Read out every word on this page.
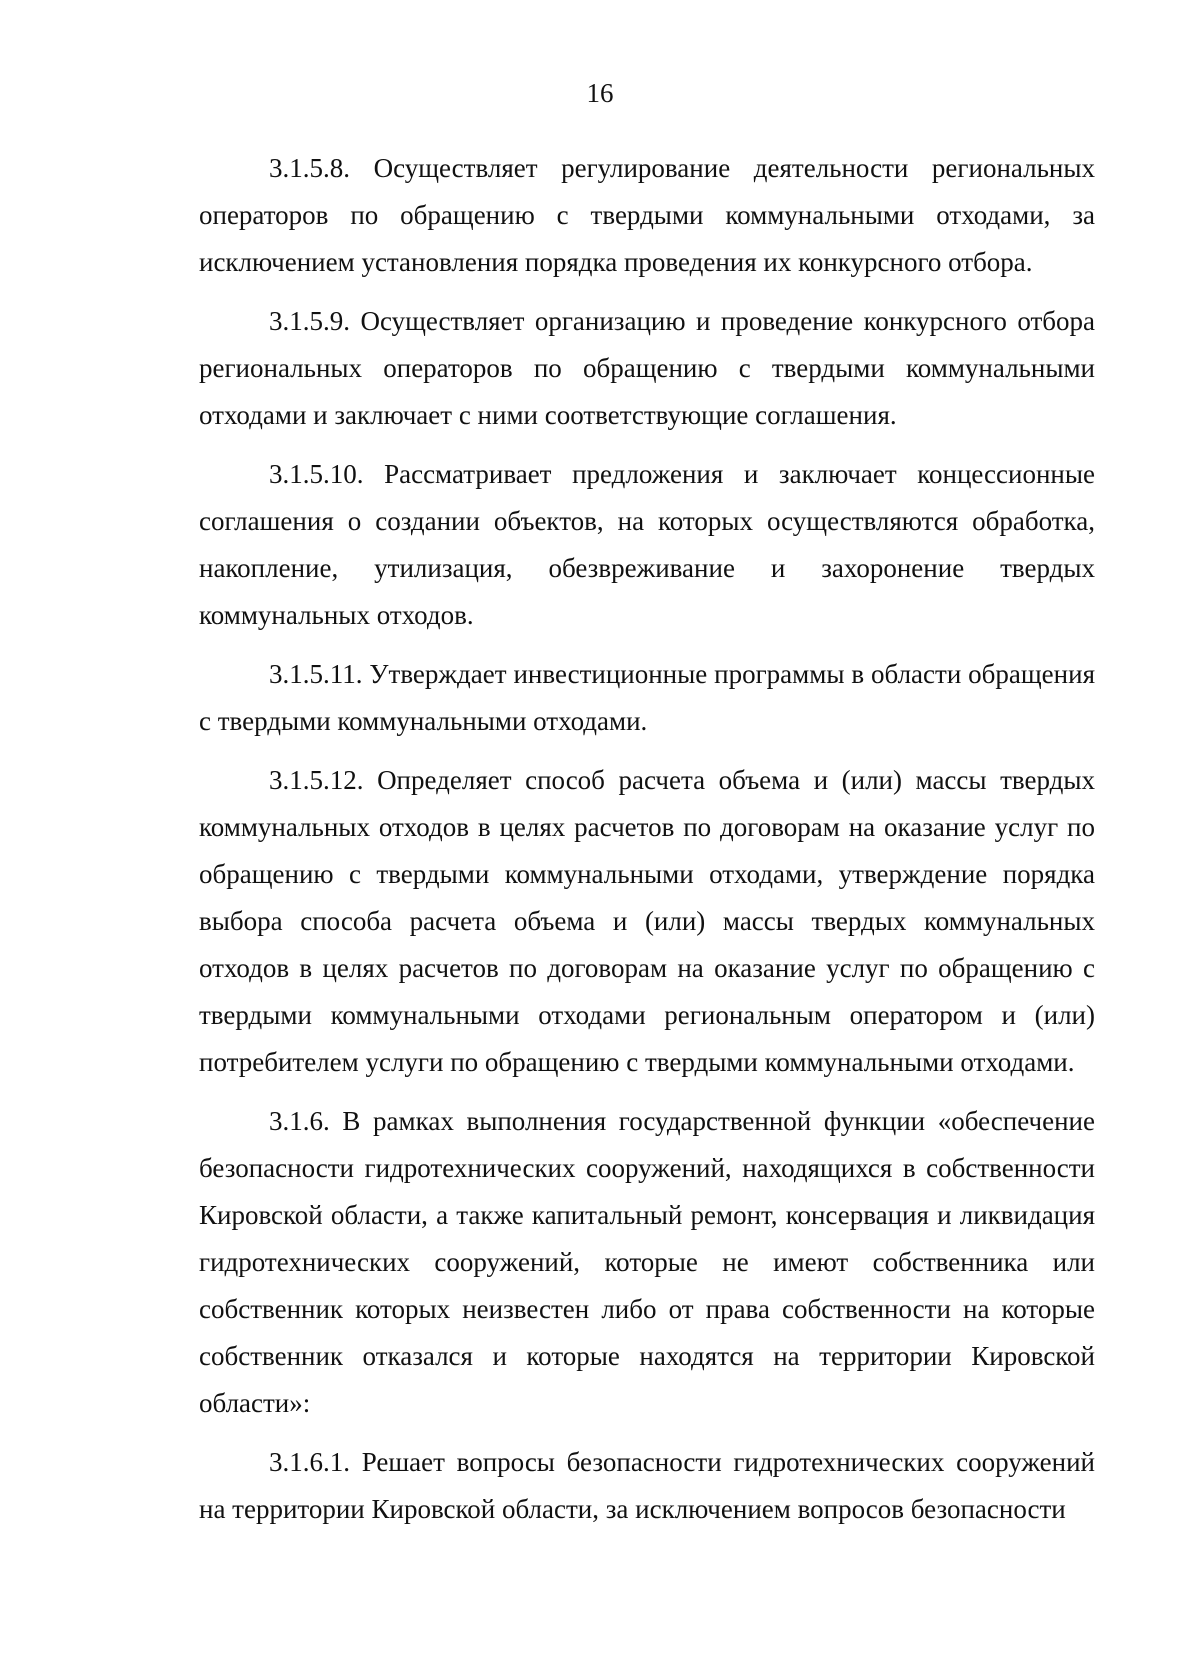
16

3.1.5.8. Осуществляет регулирование деятельности региональных операторов по обращению с твердыми коммунальными отходами, за исключением установления порядка проведения их конкурсного отбора.

3.1.5.9. Осуществляет организацию и проведение конкурсного отбора региональных операторов по обращению с твердыми коммунальными отходами и заключает с ними соответствующие соглашения.

3.1.5.10. Рассматривает предложения и заключает концессионные соглашения о создании объектов, на которых осуществляются обработка, накопление, утилизация, обезвреживание и захоронение твердых коммунальных отходов.

3.1.5.11. Утверждает инвестиционные программы в области обращения с твердыми коммунальными отходами.

3.1.5.12. Определяет способ расчета объема и (или) массы твердых коммунальных отходов в целях расчетов по договорам на оказание услуг по обращению с твердыми коммунальными отходами, утверждение порядка выбора способа расчета объема и (или) массы твердых коммунальных отходов в целях расчетов по договорам на оказание услуг по обращению с твердыми коммунальными отходами региональным оператором и (или) потребителем услуги по обращению с твердыми коммунальными отходами.

3.1.6. В рамках выполнения государственной функции «обеспечение безопасности гидротехнических сооружений, находящихся в собственности Кировской области, а также капитальный ремонт, консервация и ликвидация гидротехнических сооружений, которые не имеют собственника или собственник которых неизвестен либо от права собственности на которые собственник отказался и которые находятся на территории Кировской области»:

3.1.6.1. Решает вопросы безопасности гидротехнических сооружений на территории Кировской области, за исключением вопросов безопасности
